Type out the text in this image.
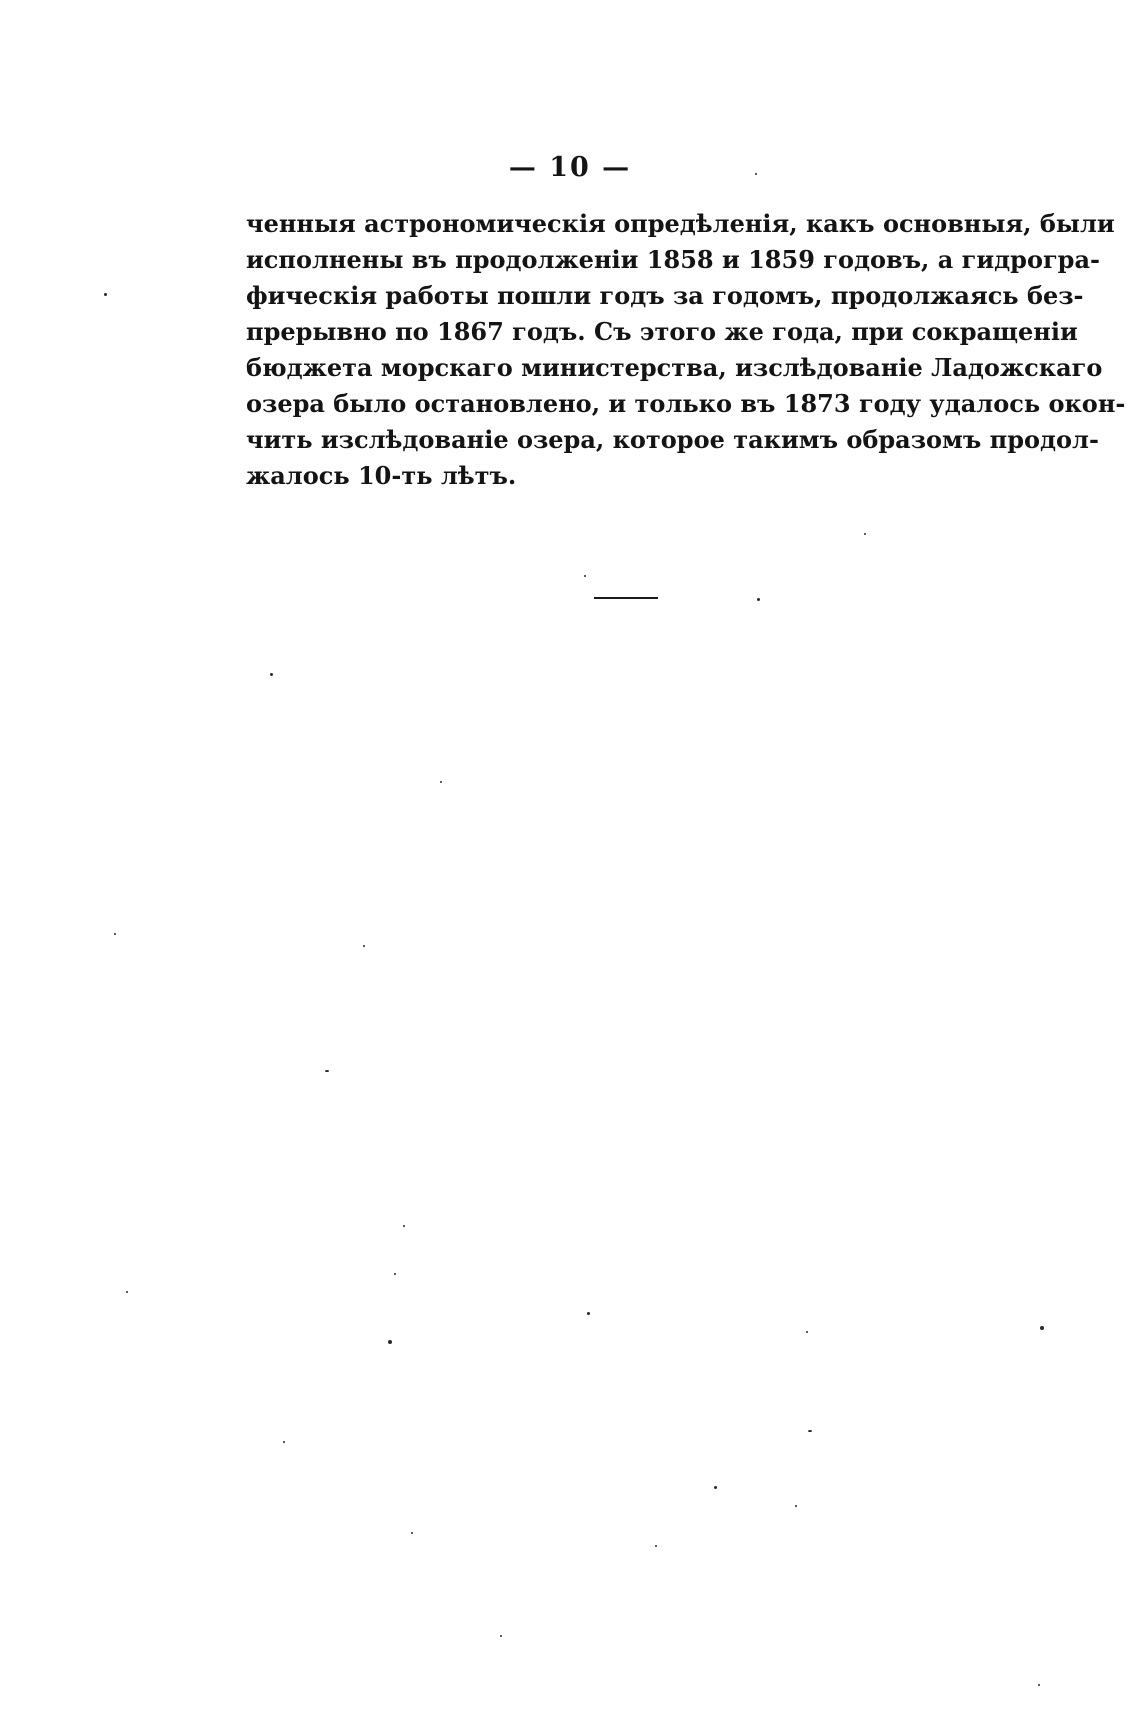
— 10 —

ченныя астрономическія опредѣленія, какъ основныя, были
исполнены въ продолженіи 1858 и 1859 годовъ, а гидрогра-
фическія работы пошли годъ за годомъ, продолжаясь без-
прерывно по 1867 годъ. Съ этого же года, при сокращеніи
бюджета морскаго министерства, изслѣдованіе Ладожскаго
озера было остановлено, и только въ 1873 году удалось окон-
чить изслѣдованіе озера, которое такимъ образомъ продол-
жалось 10-ть лѣтъ.
